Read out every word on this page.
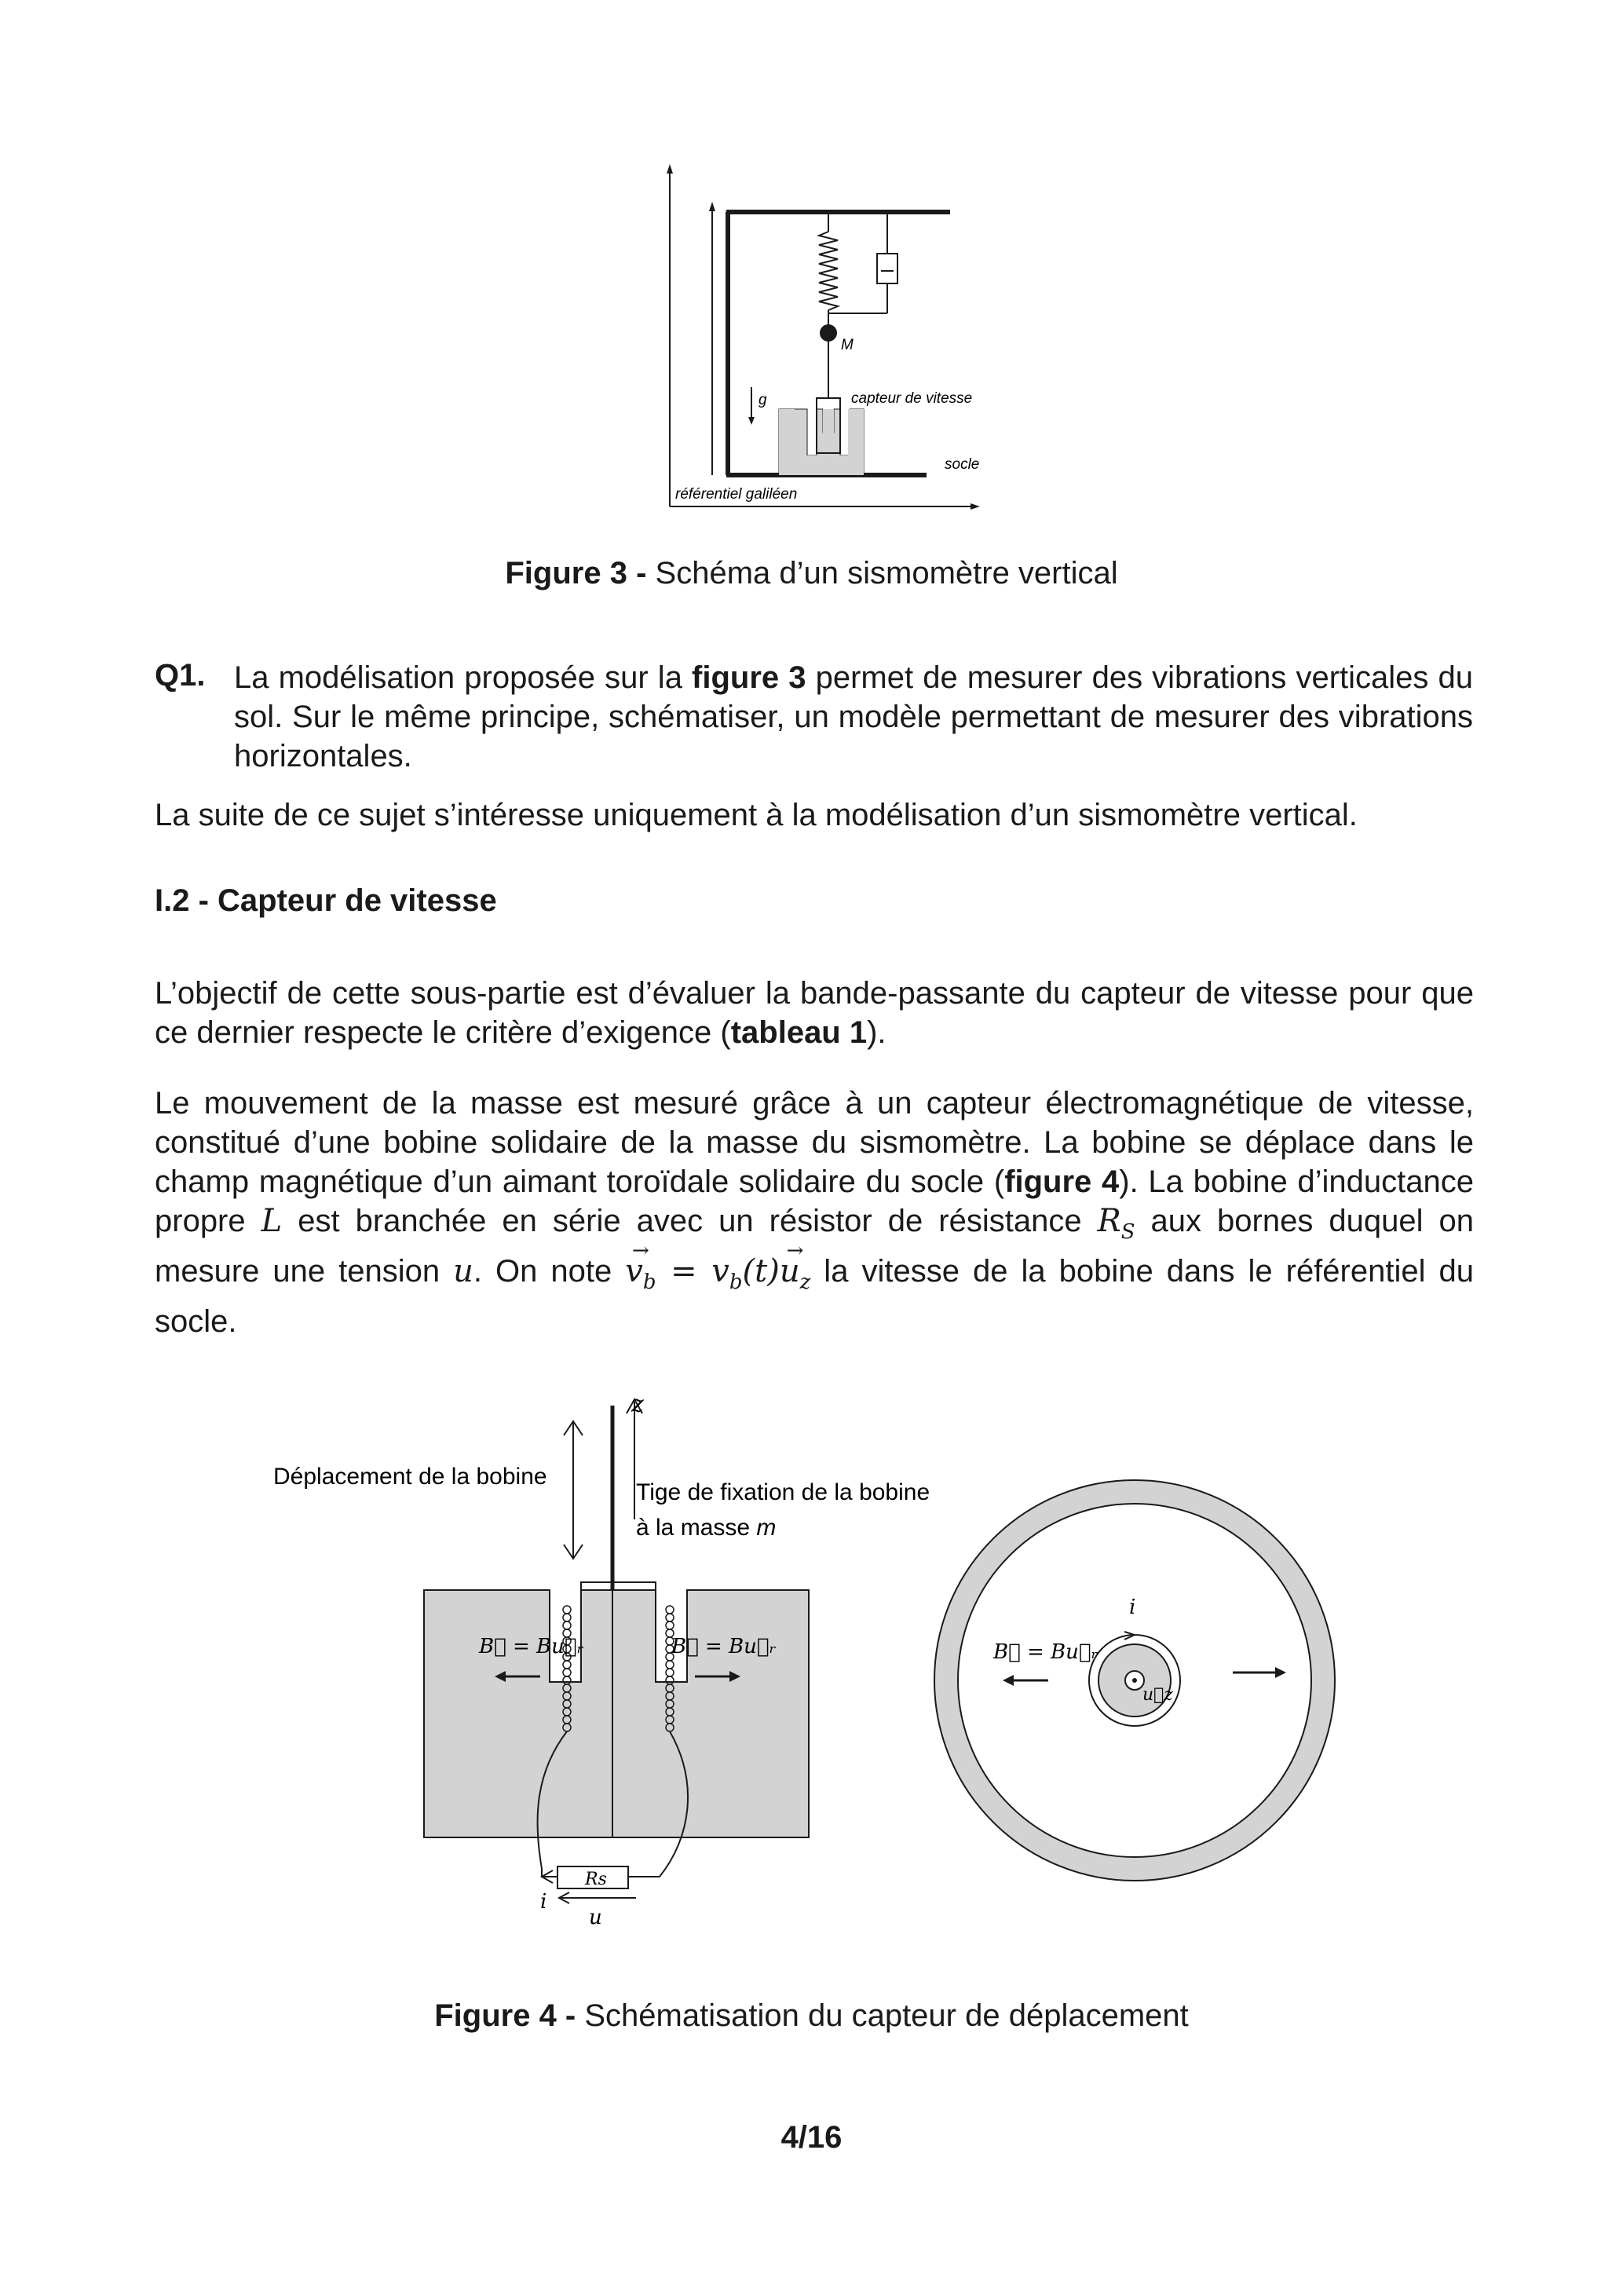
M
g	capteur de vitesse
socle
référentiel galiléen
Figure 3 - Schéma d’un sismomètre vertical
Q1. La modélisation proposée sur la figure 3 permet de mesurer des vibrations verticales du sol. Sur le même principe, schématiser, un modèle permettant de mesurer des vibrations horizontales.
La suite de ce sujet s’intéresse uniquement à la modélisation d’un sismomètre vertical.
I.2 - Capteur de vitesse
L’objectif de cette sous-partie est d’évaluer la bande-passante du capteur de vitesse pour que ce dernier respecte le critère d’exigence (tableau 1).
Le mouvement de la masse est mesuré grâce à un capteur électromagnétique de vitesse, constitué d’une bobine solidaire de la masse du sismomètre. La bobine se déplace dans le champ magnétique d’un aimant toroïdale solidaire du socle (figure 4). La bobine d’inductance propre L est branchée en série avec un résistor de résistance $R_S$ aux bornes duquel on mesure une tension u. On note → $v_b = v_b(t)\to u_z$ la vitesse de la bobine dans le référentiel du socle.
z
Rs
i
u
B⃗ = Bu⃗ᵣ	B⃗ = Bu⃗ᵣ
Déplacement de la bobine
Tige de fixation de la bobine
à la masse m
i
u⃗z
B⃗ = Bu⃗ᵣ
Figure 4 - Schématisation du capteur de déplacement
4/16
